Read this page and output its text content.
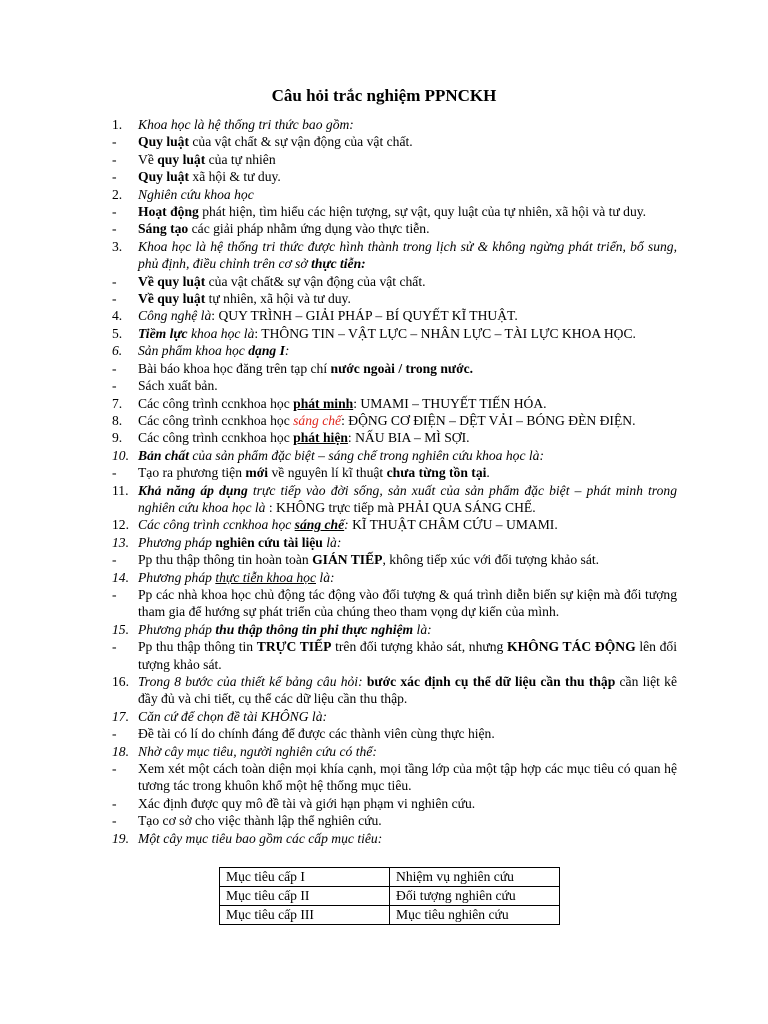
Câu hỏi trắc nghiệm PPNCKH
1.	Khoa học là hệ thống tri thức bao gồm:
-	Quy luật của vật chất & sự vận động của vật chất.
-	Về quy luật của tự nhiên
-	Quy luật xã hội & tư duy.
2.	Nghiên cứu khoa học
-	Hoạt động phát hiện, tìm hiểu các hiện tượng, sự vật, quy luật của tự nhiên, xã hội và tư duy.
-	Sáng tạo các giải pháp nhằm ứng dụng vào thực tiễn.
3.	Khoa học là hệ thống tri thức được hình thành trong lịch sử & không ngừng phát triển, bổ sung, phủ định, điều chỉnh trên cơ sở thực tiễn:
-	Về quy luật của vật chất& sự vận động của vật chất.
-	Về quy luật tự nhiên, xã hội và tư duy.
4.	Công nghệ là: QUY TRÌNH – GIẢI PHÁP – BÍ QUYẾT KĨ THUẬT.
5.	Tiềm lực khoa học là: THÔNG TIN – VẬT LỰC – NHÂN LỰC – TÀI LỰC KHOA HỌC.
6.	Sản phẩm khoa học dạng I:
-	Bài báo khoa học đăng trên tạp chí nước ngoài / trong nước.
-	Sách xuất bản.
7.	Các công trình ccnkhoa học phát minh: UMAMI – THUYẾT TIẾN HÓA.
8.	Các công trình ccnkhoa học sáng chế: ĐỘNG CƠ ĐIỆN – DỆT VẢI – BÓNG ĐÈN ĐIỆN.
9.	Các công trình ccnkhoa học phát hiện: NẤU BIA – MÌ SỢI.
10. Bản chất của sản phẩm đặc biệt – sáng chế trong nghiên cứu khoa học là:
-	Tạo ra phương tiện mới về nguyên lí kĩ thuật chưa từng tồn tại.
11. Khả năng áp dụng trực tiếp vào đời sống, sản xuất của sản phẩm đặc biệt – phát minh trong nghiên cứu khoa học là : KHÔNG trực tiếp mà PHẢI QUA SÁNG CHẾ.
12. Các công trình ccnkhoa học sáng chế: KĨ THUẬT CHÂM CỨU – UMAMI.
13. Phương pháp nghiên cứu tài liệu là:
-	Pp thu thập thông tin hoàn toàn GIÁN TIẾP, không tiếp xúc với đối tượng khảo sát.
14. Phương pháp thực tiễn khoa học là:
-	Pp các nhà khoa học chủ động tác động vào đối tượng & quá trình diễn biến sự kiện mà đối tượng tham gia để hướng sự phát triển của chúng theo tham vọng dự kiến của mình.
15. Phương pháp thu thập thông tin phi thực nghiệm là:
-	Pp thu thập thông tin TRỰC TIẾP trên đối tượng khảo sát, nhưng KHÔNG TÁC ĐỘNG lên đối tượng khảo sát.
16. Trong 8 bước của thiết kế bảng câu hỏi: bước xác định cụ thể dữ liệu cần thu thập cần liệt kê đầy đủ và chi tiết, cụ thể các dữ liệu cần thu thập.
17. Căn cứ để chọn đề tài KHÔNG là:
-	Đề tài có lí do chính đáng để được các thành viên cùng thực hiện.
18. Nhờ cây mục tiêu, người nghiên cứu có thể:
-	Xem xét một cách toàn diện mọi khía cạnh, mọi tầng lớp của một tập hợp các mục tiêu có quan hệ tương tác trong khuôn khổ một hệ thống mục tiêu.
-	Xác định được quy mô đề tài và giới hạn phạm vi nghiên cứu.
-	Tạo cơ sở cho việc thành lập thể nghiên cứu.
19. Một cây mục tiêu bao gồm các cấp mục tiêu:
Mục tiêu cấp I	Nhiệm vụ nghiên cứu
Mục tiêu cấp II	Đối tượng nghiên cứu
Mục tiêu cấp III	Mục tiêu nghiên cứu
